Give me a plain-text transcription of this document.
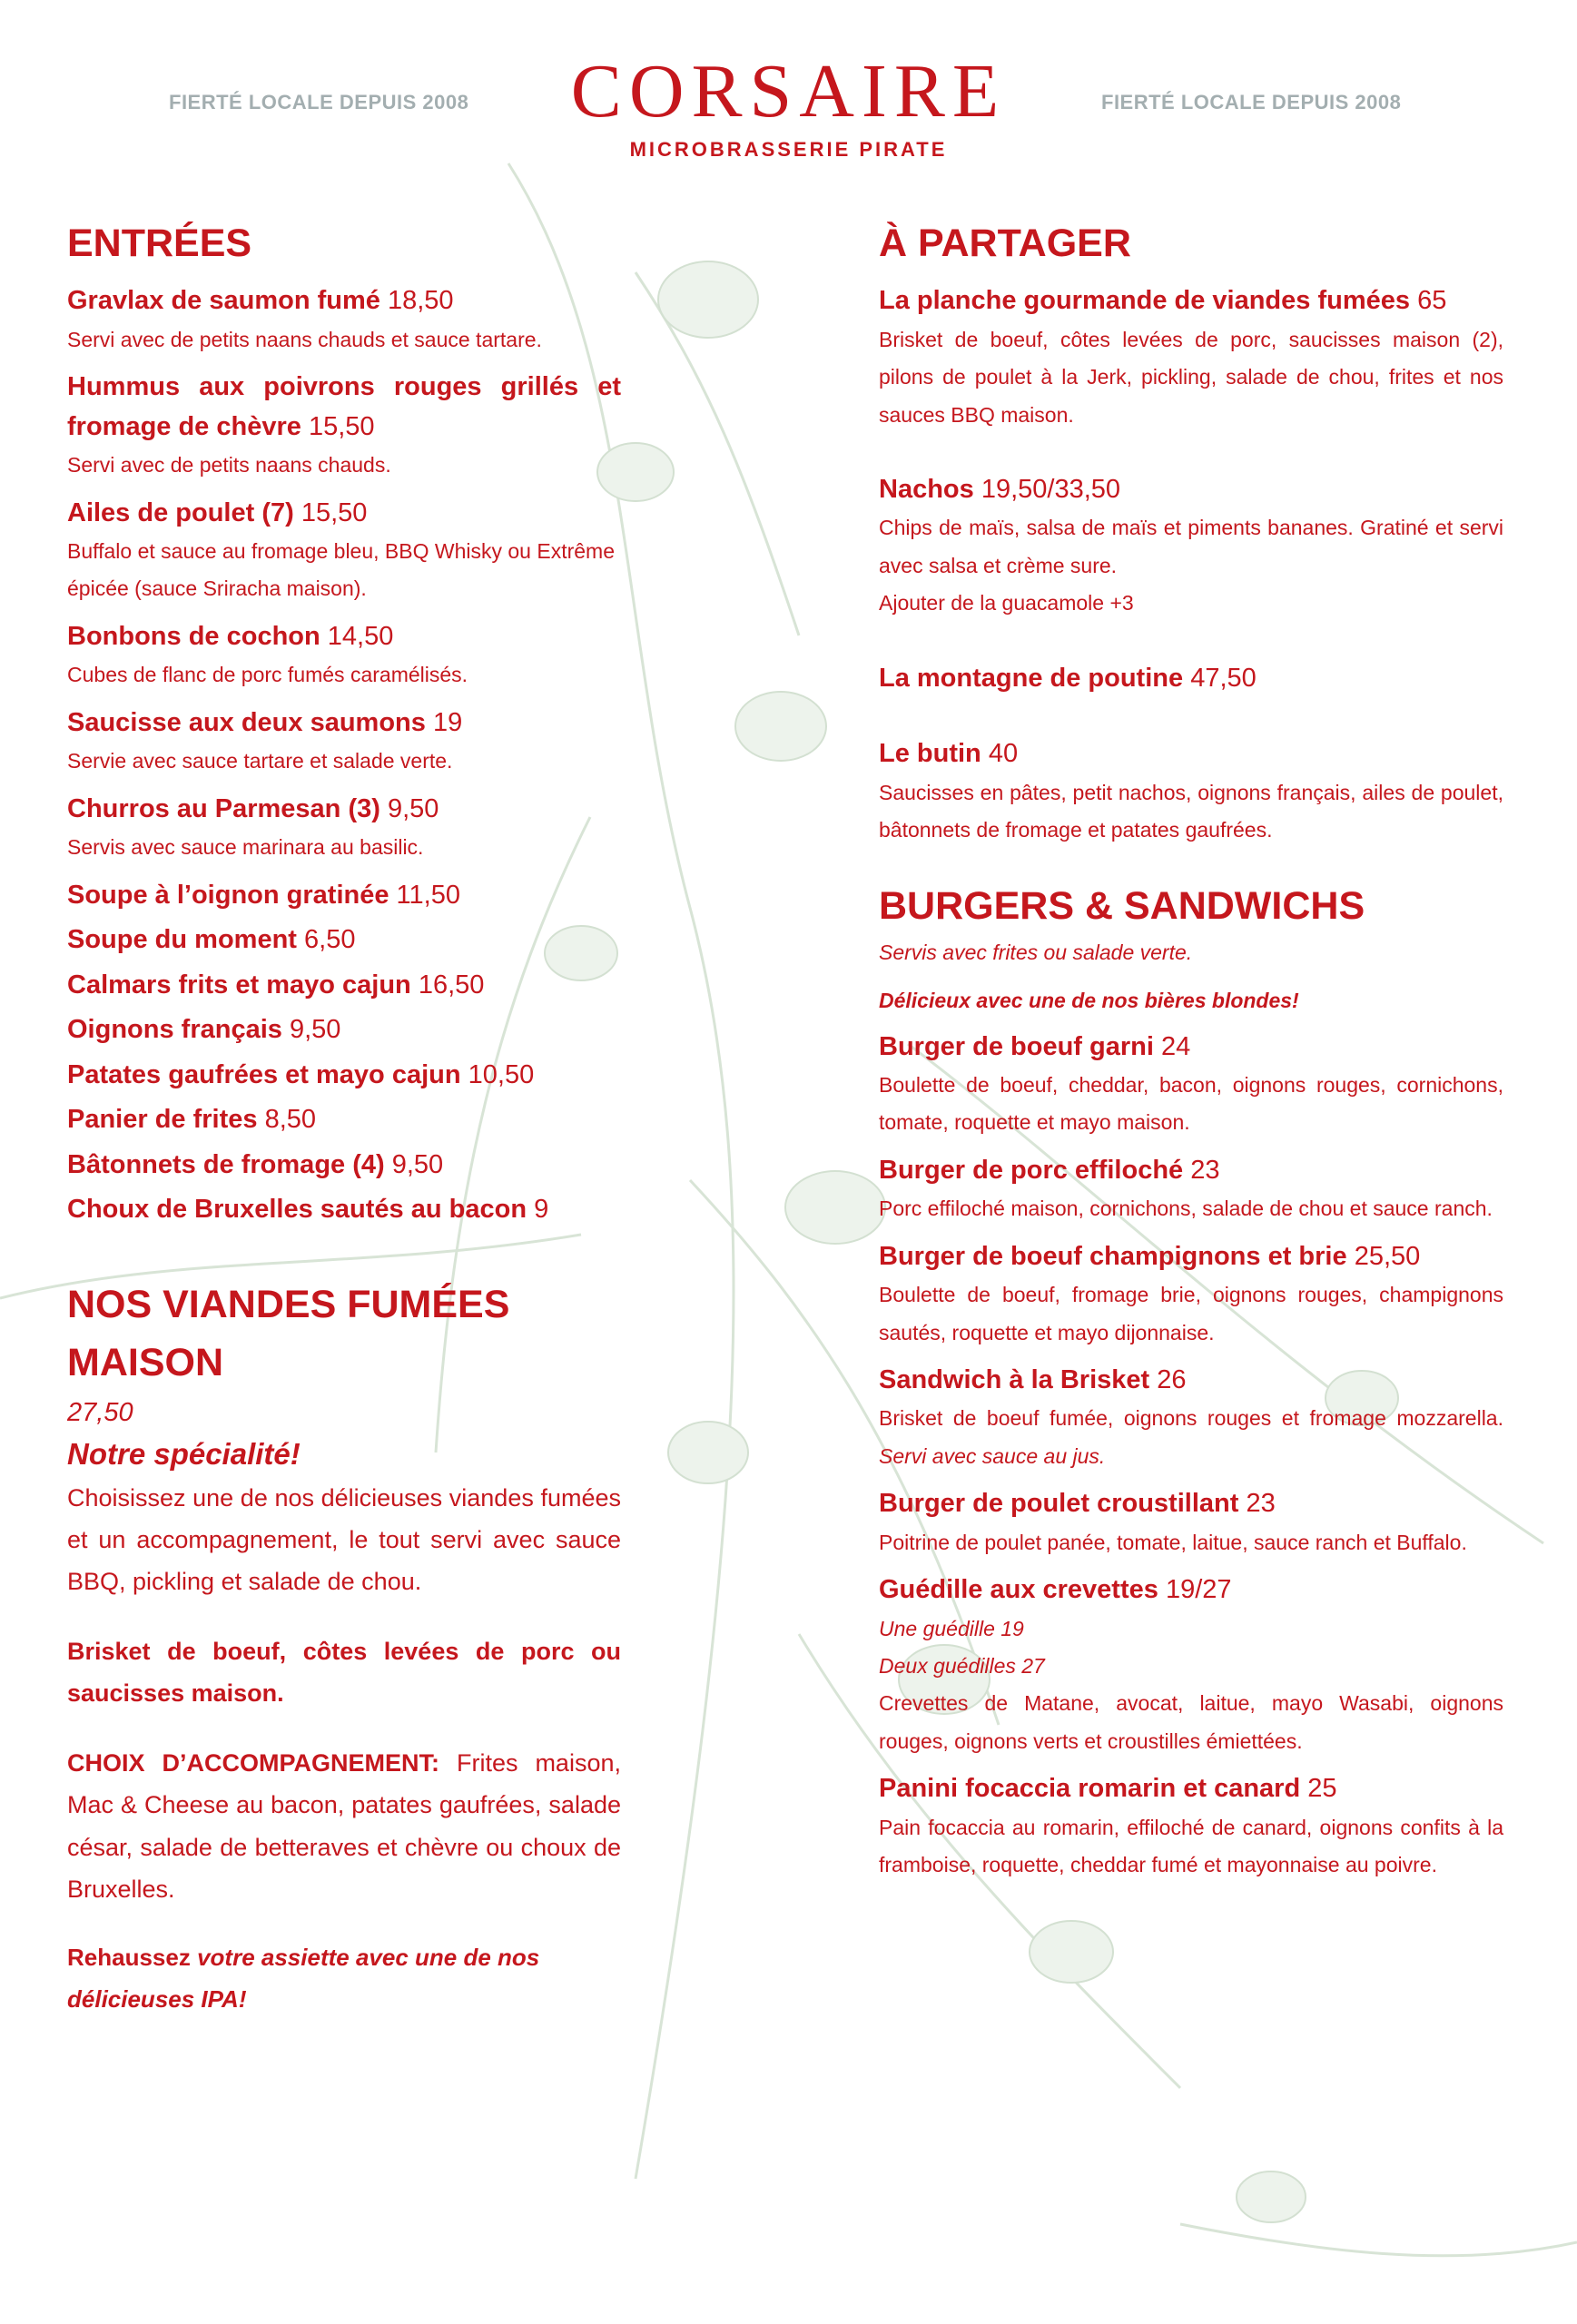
FIERTÉ LOCALE DEPUIS 2008	CORSAIRE	FIERTÉ LOCALE DEPUIS 2008
MICROBRASSERIE PIRATE
ENTRÉES
Gravlax de saumon fumé 18,50
Servi avec de petits naans chauds et sauce tartare.
Hummus aux poivrons rouges grillés et fromage de chèvre 15,50
Servi avec de petits naans chauds.
Ailes de poulet (7) 15,50
Buffalo et sauce au fromage bleu, BBQ Whisky ou Extrême épicée (sauce Sriracha maison).
Bonbons de cochon 14,50
Cubes de flanc de porc fumés caramélisés.
Saucisse aux deux saumons 19
Servie avec sauce tartare et salade verte.
Churros au Parmesan (3) 9,50
Servis avec sauce marinara au basilic.
Soupe à l’oignon gratinée 11,50
Soupe du moment 6,50
Calmars frits et mayo cajun 16,50
Oignons français 9,50
Patates gaufrées et mayo cajun 10,50
Panier de frites 8,50
Bâtonnets de fromage (4) 9,50
Choux de Bruxelles sautés au bacon 9
NOS VIANDES FUMÉES MAISON
27,50
Notre spécialité!
Choisissez une de nos délicieuses viandes fumées et un accompagnement, le tout servi avec sauce BBQ, pickling et salade de chou.
Brisket de boeuf, côtes levées de porc ou saucisses maison.
CHOIX D’ACCOMPAGNEMENT: Frites maison, Mac & Cheese au bacon, patates gaufrées, salade césar, salade de betteraves et chèvre ou choux de Bruxelles.
Rehaussez votre assiette avec une de nos délicieuses IPA!
À PARTAGER
La planche gourmande de viandes fumées 65
Brisket de boeuf, côtes levées de porc, saucisses maison (2), pilons de poulet à la Jerk, pickling, salade de chou, frites et nos sauces BBQ maison.
Nachos 19,50/33,50
Chips de maïs, salsa de maïs et piments bananes. Gratiné et servi avec salsa et crème sure.
Ajouter de la guacamole +3
La montagne de poutine 47,50
Le butin 40
Saucisses en pâtes, petit nachos, oignons français, ailes de poulet, bâtonnets de fromage et patates gaufrées.
BURGERS & SANDWICHS
Servis avec frites ou salade verte.
Délicieux avec une de nos bières blondes!
Burger de boeuf garni 24
Boulette de boeuf, cheddar, bacon, oignons rouges, cornichons, tomate, roquette et mayo maison.
Burger de porc effiloché 23
Porc effiloché maison, cornichons, salade de chou et sauce ranch.
Burger de boeuf champignons et brie 25,50
Boulette de boeuf, fromage brie, oignons rouges, champignons sautés, roquette et mayo dijonnaise.
Sandwich à la Brisket 26
Brisket de boeuf fumée, oignons rouges et fromage mozzarella. Servi avec sauce au jus.
Burger de poulet croustillant 23
Poitrine de poulet panée, tomate, laitue, sauce ranch et Buffalo.
Guédille aux crevettes 19/27
Une guédille 19
Deux guédilles 27
Crevettes de Matane, avocat, laitue, mayo Wasabi, oignons rouges, oignons verts et croustilles émiettées.
Panini focaccia romarin et canard 25
Pain focaccia au romarin, effiloché de canard, oignons confits à la framboise, roquette, cheddar fumé et mayonnaise au poivre.
